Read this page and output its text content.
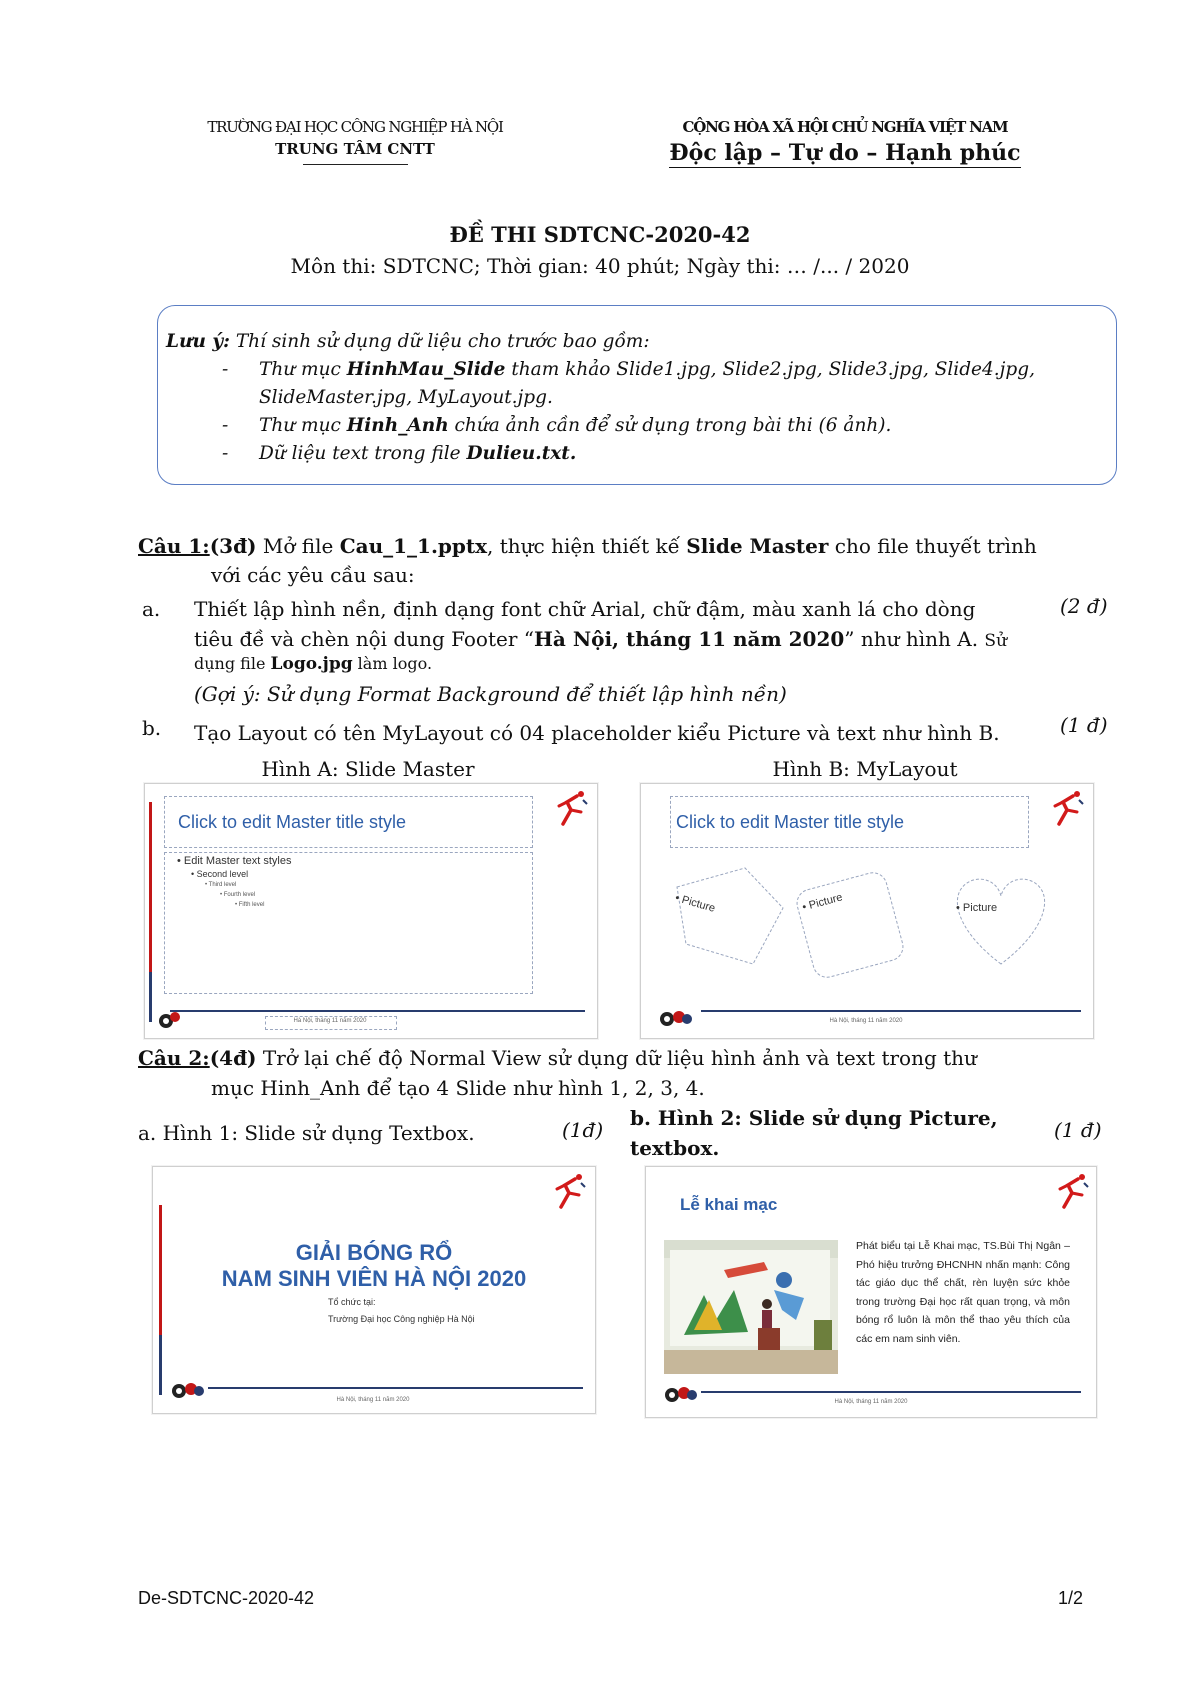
TRƯỜNG ĐẠI HỌC CÔNG NGHIỆP HÀ NỘI
TRUNG TÂM CNTT
CỘNG HÒA XÃ HỘI CHỦ NGHĨA VIỆT NAM
Độc lập – Tự do – Hạnh phúc
ĐỀ THI SDTCNC-2020-42
Môn thi: SDTCNC; Thời gian: 40 phút; Ngày thi: … /... / 2020
Lưu ý: Thí sinh sử dụng dữ liệu cho trước bao gồm:
- Thư mục HinhMau_Slide tham khảo Slide1.jpg, Slide2.jpg, Slide3.jpg, Slide4.jpg,
SlideMaster.jpg, MyLayout.jpg.
- Thư mục Hinh_Anh chứa ảnh cần để sử dụng trong bài thi (6 ảnh).
- Dữ liệu text trong file Dulieu.txt.
Câu 1:(3đ) Mở file Cau_1_1.pptx, thực hiện thiết kế Slide Master cho file thuyết trình
với các yêu cầu sau:
a. Thiết lập hình nền, định dạng font chữ Arial, chữ đậm, màu xanh lá cho dòng	(2 đ)
tiêu đề và chèn nội dung Footer “Hà Nội, tháng 11 năm 2020” như hình A. Sử
dụng file Logo.jpg làm logo.
(Gợi ý: Sử dụng Format Background để thiết lập hình nền)
b. Tạo Layout có tên MyLayout có 04 placeholder kiểu Picture và text như hình B.	(1 đ)
Hình A: Slide Master	Hình B: MyLayout
Click to edit Master title style
• Edit Master text styles
• Second level
• Third level
• Fourth level
• Fifth level
Hà Nội, tháng 11 năm 2020
Click to edit Master title style
• Picture	• Picture	• Picture
Hà Nội, tháng 11 năm 2020
Câu 2:(4đ) Trở lại chế độ Normal View sử dụng dữ liệu hình ảnh và text trong thư
mục Hinh_Anh để tạo 4 Slide như hình 1, 2, 3, 4.
a. Hình 1: Slide sử dụng Textbox.	(1đ) b. Hình 2: Slide sử dụng Picture,
textbox.
(1 đ)
GIẢI BÓNG RỔ
NAM SINH VIÊN HÀ NỘI 2020
Tổ chức tại:
Trường Đại học Công nghiệp Hà Nội
Hà Nội, tháng 11 năm 2020
Lễ khai mạc
Phát biểu tại Lễ Khai mạc, TS.Bùi Thị Ngân – Phó hiệu trưởng ĐHCNHN nhấn mạnh: Công tác giáo dục thể chất, rèn luyện sức khỏe trong trường Đại học rất quan trọng, và môn bóng rổ luôn là môn thể thao yêu thích của các em nam sinh viên.
Hà Nội, tháng 11 năm 2020
De-SDTCNC-2020-42	1/2
